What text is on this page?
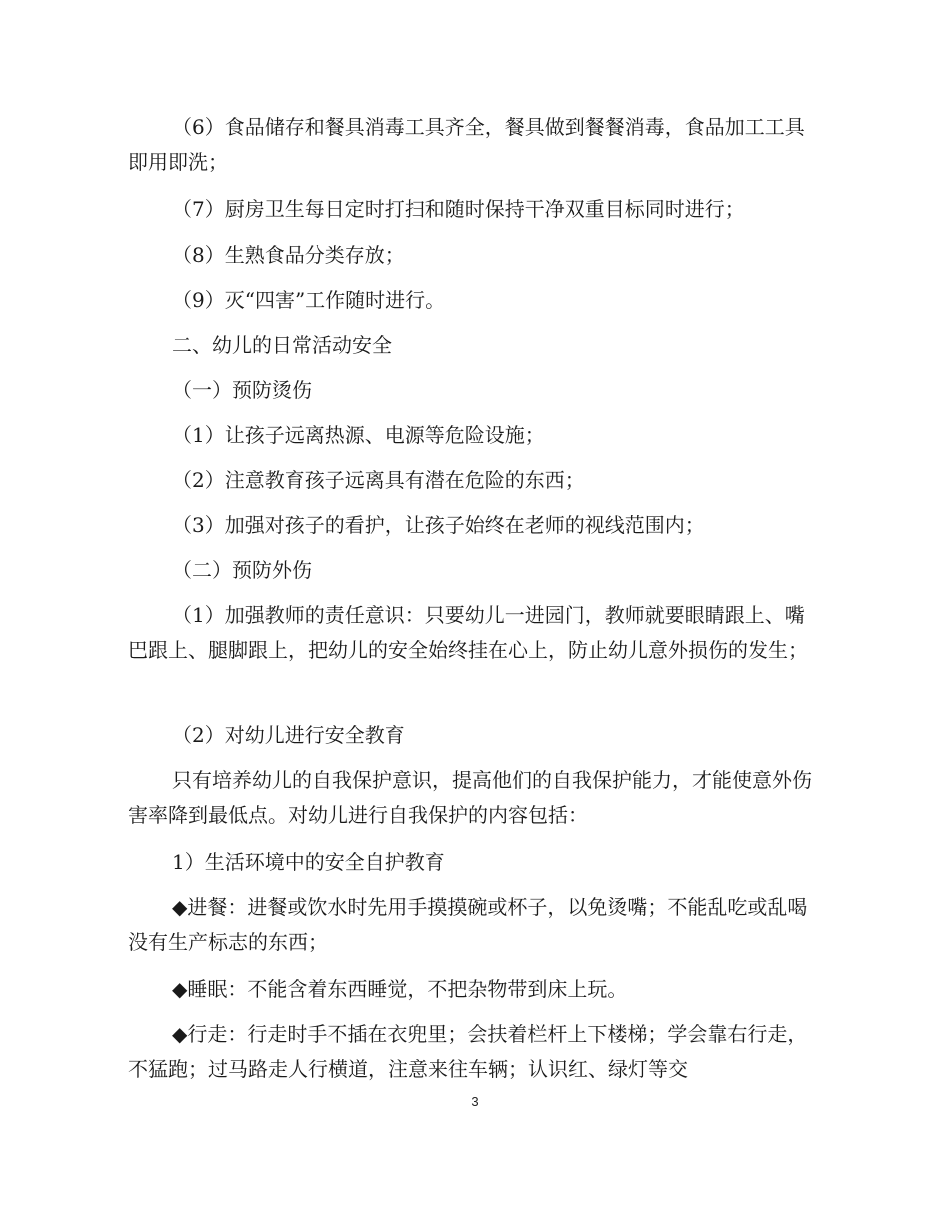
（6）食品储存和餐具消毒工具齐全，餐具做到餐餐消毒，食品加工工具即用即洗；

（7）厨房卫生每日定时打扫和随时保持干净双重目标同时进行；

（8）生熟食品分类存放；

（9）灭“四害”工作随时进行。

二、幼儿的日常活动安全

（一）预防烫伤

（1）让孩子远离热源、电源等危险设施；

（2）注意教育孩子远离具有潜在危险的东西；

（3）加强对孩子的看护，让孩子始终在老师的视线范围内；

（二）预防外伤

（1）加强教师的责任意识：只要幼儿一进园门，教师就要眼睛跟上、嘴巴跟上、腿脚跟上，把幼儿的安全始终挂在心上，防止幼儿意外损伤的发生；

（2）对幼儿进行安全教育

只有培养幼儿的自我保护意识，提高他们的自我保护能力，才能使意外伤害率降到最低点。对幼儿进行自我保护的内容包括：

1）生活环境中的安全自护教育

◆进餐：进餐或饮水时先用手摸摸碗或杯子，以免烫嘴；不能乱吃或乱喝没有生产标志的东西；

◆睡眠：不能含着东西睡觉，不把杂物带到床上玩。

◆行走：行走时手不插在衣兜里；会扶着栏杆上下楼梯；学会靠右行走，不猛跑；过马路走人行横道，注意来往车辆；认识红、绿灯等交

3
